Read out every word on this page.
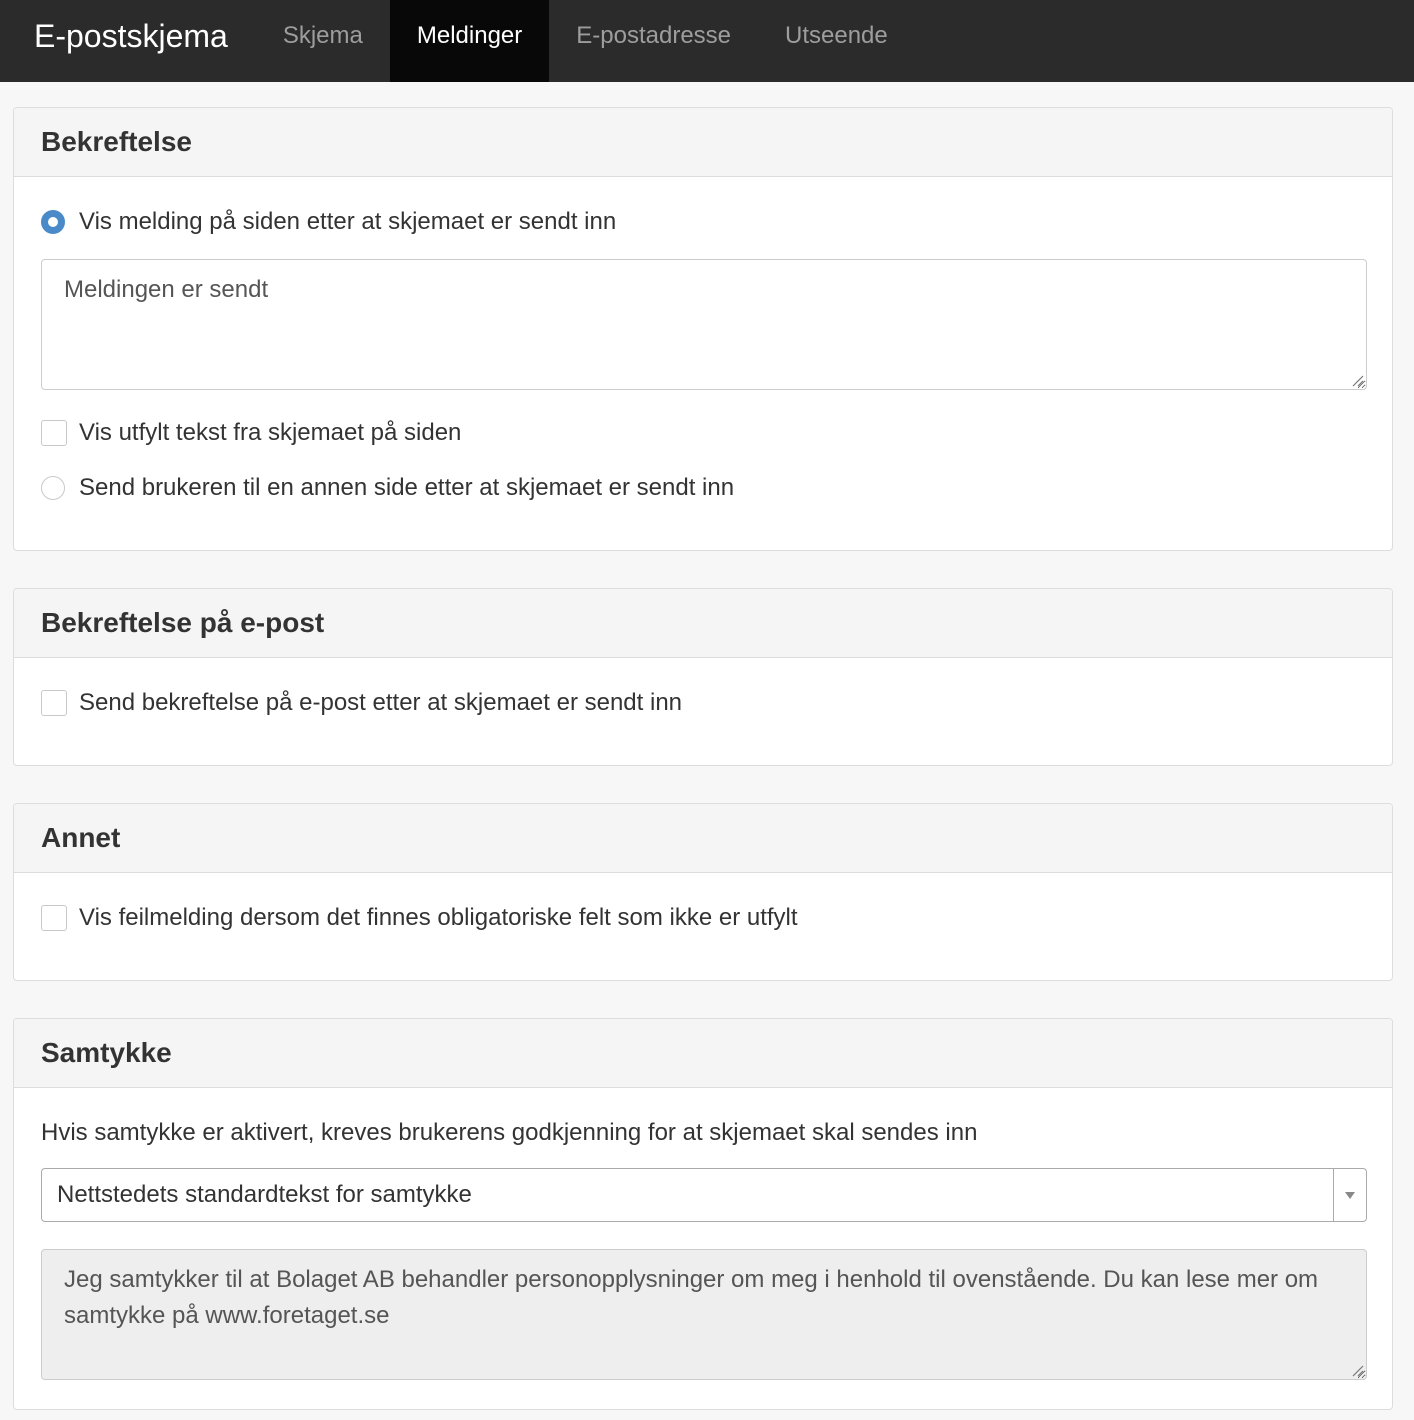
E-postskjema	Skjema	Meldinger	E-postadresse	Utseende
Bekreftelse
Vis melding på siden etter at skjemaet er sendt inn
Meldingen er sendt
Vis utfylt tekst fra skjemaet på siden
Send brukeren til en annen side etter at skjemaet er sendt inn
Bekreftelse på e-post
Send bekreftelse på e-post etter at skjemaet er sendt inn
Annet
Vis feilmelding dersom det finnes obligatoriske felt som ikke er utfylt
Samtykke

Hvis samtykke er aktivert, kreves brukerens godkjenning for at skjemaet skal sendes inn

Nettstedets standardtekst for samtykke
Jeg samtykker til at Bolaget AB behandler personopplysninger om meg i henhold til ovenstående. Du kan lese mer om samtykke på www.foretaget.se
